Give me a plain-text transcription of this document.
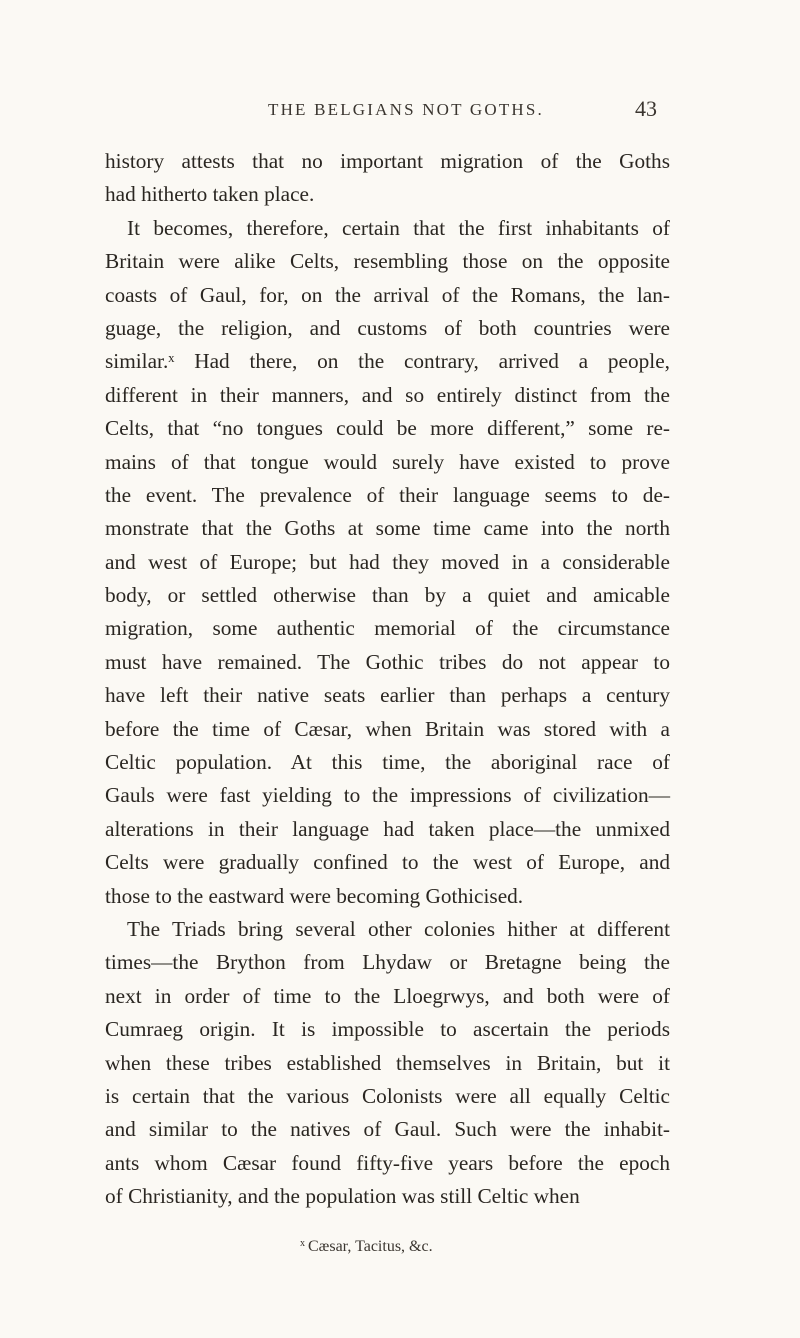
THE BELGIANS NOT GOTHS.	43
history attests that no important migration of the Goths
had hitherto taken place.
It becomes, therefore, certain that the first inhabitants of
Britain were alike Celts, resembling those on the opposite
coasts of Gaul, for, on the arrival of the Romans, the lan-
guage, the religion, and customs of both countries were
similar.ˣ Had there, on the contrary, arrived a people,
different in their manners, and so entirely distinct from the
Celts, that “no tongues could be more different,” some re-
mains of that tongue would surely have existed to prove
the event. The prevalence of their language seems to de-
monstrate that the Goths at some time came into the north
and west of Europe; but had they moved in a considerable
body, or settled otherwise than by a quiet and amicable
migration, some authentic memorial of the circumstance
must have remained. The Gothic tribes do not appear to
have left their native seats earlier than perhaps a century
before the time of Cæsar, when Britain was stored with a
Celtic population. At this time, the aboriginal race of
Gauls were fast yielding to the impressions of civilization—
alterations in their language had taken place—the unmixed
Celts were gradually confined to the west of Europe, and
those to the eastward were becoming Gothicised.
The Triads bring several other colonies hither at different
times—the Brython from Lhydaw or Bretagne being the
next in order of time to the Lloegrwys, and both were of
Cumraeg origin. It is impossible to ascertain the periods
when these tribes established themselves in Britain, but it
is certain that the various Colonists were all equally Celtic
and similar to the natives of Gaul. Such were the inhabit-
ants whom Cæsar found fifty-five years before the epoch
of Christianity, and the population was still Celtic when
$^x$ Cæsar, Tacitus, &c.
